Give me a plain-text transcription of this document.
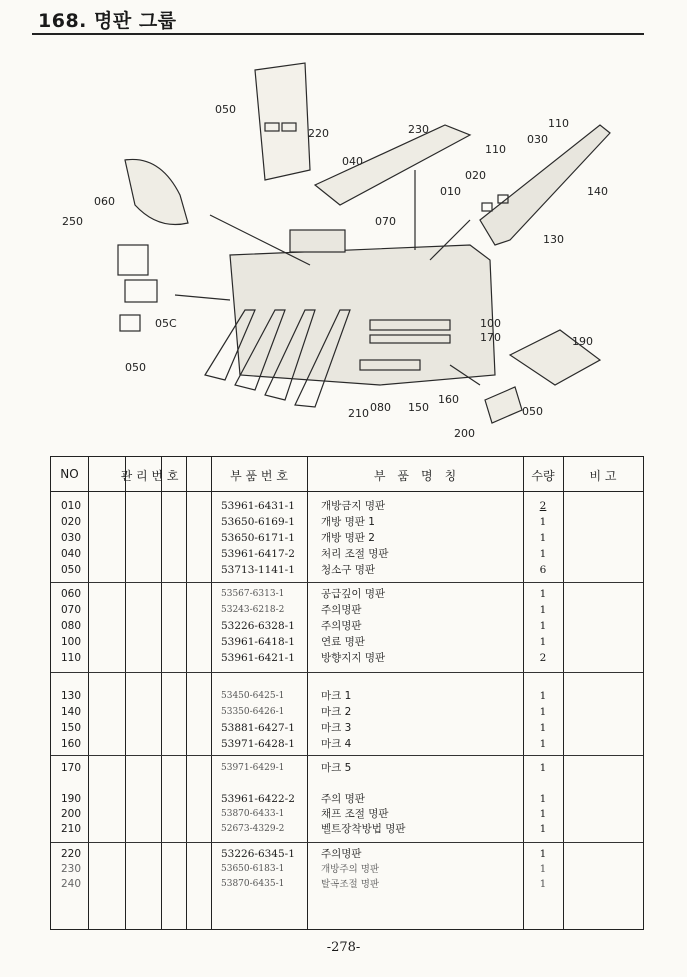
168. 명판 그룹
050
220	230
040
110
030
110
020
010	140
130
060
250	070
100
170
05C
190
050
210 080 150
160
200
050
NO	관 리 번 호	부 품 번 호	부　품　명　칭	수량	비 고
010	53961-6431-1	개방금지 명판	2
020	53650-6169-1	개방 명판 1	1
030	53650-6171-1	개방 명판 2	1
040	53961-6417-2	처리 조절 명판	1
050	53713-1141-1	청소구 명판	6
060	53567-6313-1	공급깊이 명판	1
070	53243-6218-2	주의명판	1
080	53226-6328-1	주의명판	1
100	53961-6418-1	연료 명판	1
110	53961-6421-1	방향지지 명판	2
130	53450-6425-1	마크 1	1
140	53350-6426-1	마크 2	1
150	53881-6427-1	마크 3	1
160	53971-6428-1	마크 4	1
170	53971-6429-1	마크 5	1
190	53961-6422-2	주의 명판	1
200	53870-6433-1	채프 조절 명판	1
210	52673-4329-2	벨트장착방법 명판	1
220	53226-6345-1	주의명판	1
230	53650-6183-1	개방주의 명판	1
240	53870-6435-1	탈곡조절 명판	1
-278-
